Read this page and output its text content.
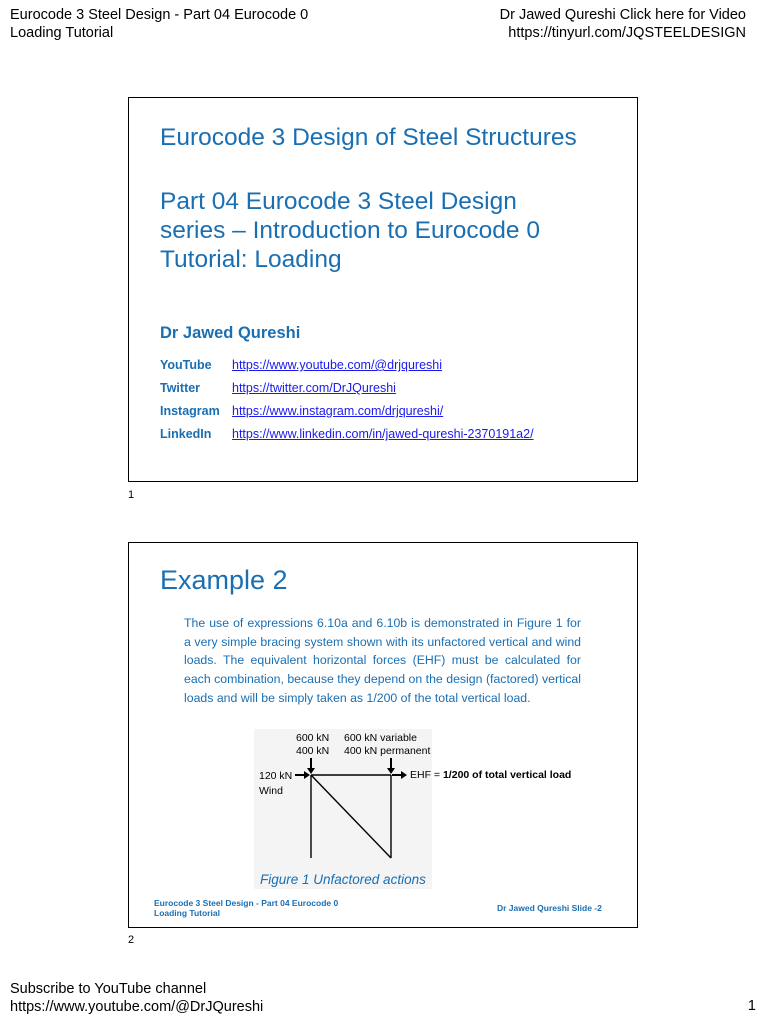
Eurocode 3 Steel Design - Part 04 Eurocode 0
Loading Tutorial
Dr Jawed Qureshi Click here for Video
https://tinyurl.com/JQSTEELDESIGN
Eurocode 3 Design of Steel Structures
Part 04 Eurocode 3 Steel Design
series – Introduction to Eurocode 0
Tutorial: Loading
Dr Jawed Qureshi
YouTube	https://www.youtube.com/@drjqureshi
Twitter	https://twitter.com/DrJQureshi
Instagram https://www.instagram.com/drjqureshi/
LinkedIn	https://www.linkedin.com/in/jawed-qureshi-2370191a2/
1
Example 2

The use of expressions 6.10a and 6.10b is demonstrated in Figure 1 for a very simple bracing system shown with its unfactored vertical and wind loads. The equivalent horizontal forces (EHF) must be calculated for each combination, because they depend on the design (factored) vertical loads and will be simply taken as 1/200 of the total vertical load.

600 kN
400 kN
600 kN variable
400 kN permanent
120 kN
Wind
EHF = 1/200 of total vertical load
Figure 1 Unfactored actions
Eurocode 3 Steel Design - Part 04 Eurocode 0
Loading Tutorial	Dr Jawed Qureshi Slide -2
2
Subscribe to YouTube channel
https://www.youtube.com/@DrJQureshi	1
